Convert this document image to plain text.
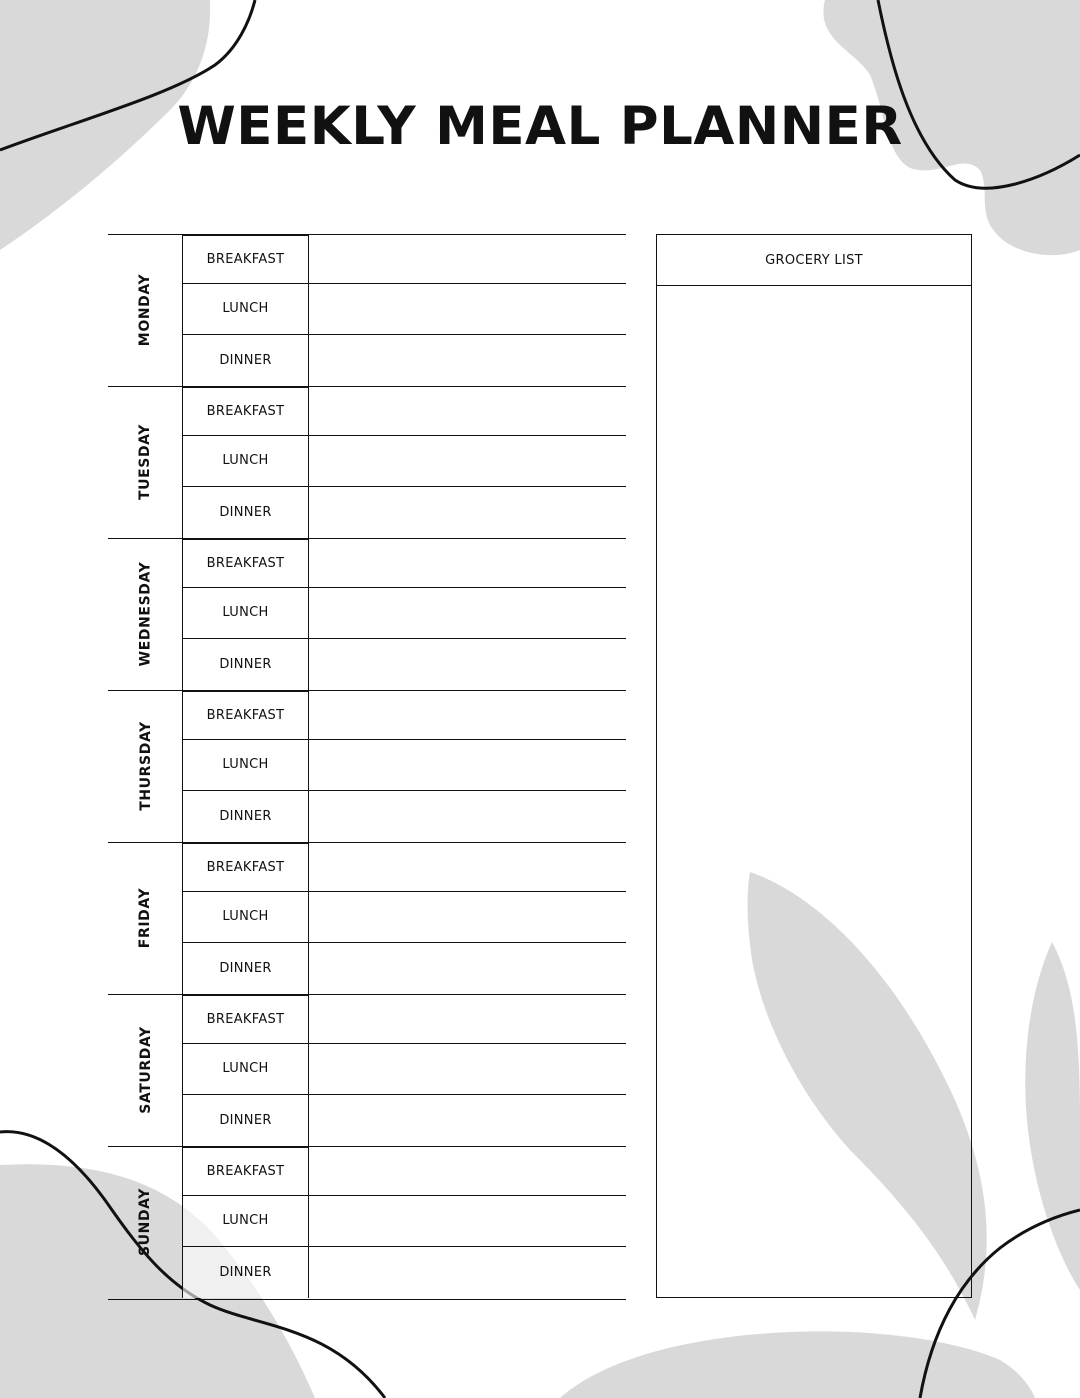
WEEKLY MEAL PLANNER
MONDAY
BREAKFAST
LUNCH
DINNER
TUESDAY
BREAKFAST
LUNCH
DINNER
WEDNESDAY	BREAKFAST
LUNCH
DINNER
THURSDAY
BREAKFAST
LUNCH
DINNER
FRIDAY
BREAKFAST
LUNCH
DINNER
SATURDAY
BREAKFAST
LUNCH
DINNER
SUNDAY
BREAKFAST
LUNCH
DINNER
GROCERY LIST
